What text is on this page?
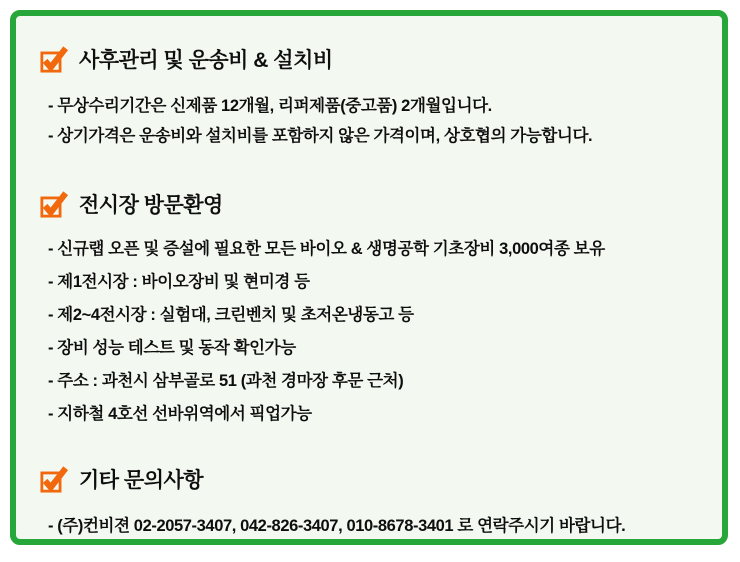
사후관리 및 운송비 & 설치비
- 무상수리기간은 신제품 12개월, 리퍼제품(중고품) 2개월입니다.
- 상기가격은 운송비와 설치비를 포함하지 않은 가격이며, 상호협의 가능합니다.
전시장 방문환영
- 신규랩 오픈 및 증설에 필요한 모든 바이오 & 생명공학 기초장비 3,000여종 보유
- 제1전시장 : 바이오장비 및 현미경 등
- 제2~4전시장 : 실험대, 크린벤치 및 초저온냉동고 등
- 장비 성능 테스트 및 동작 확인가능
- 주소 : 과천시 삼부골로 51 (과천 경마장 후문 근처)
- 지하철 4호선 선바위역에서 픽업가능
기타 문의사항
- (주)컨비젼 02-2057-3407, 042-826-3407, 010-8678-3401 로 연락주시기 바랍니다.
